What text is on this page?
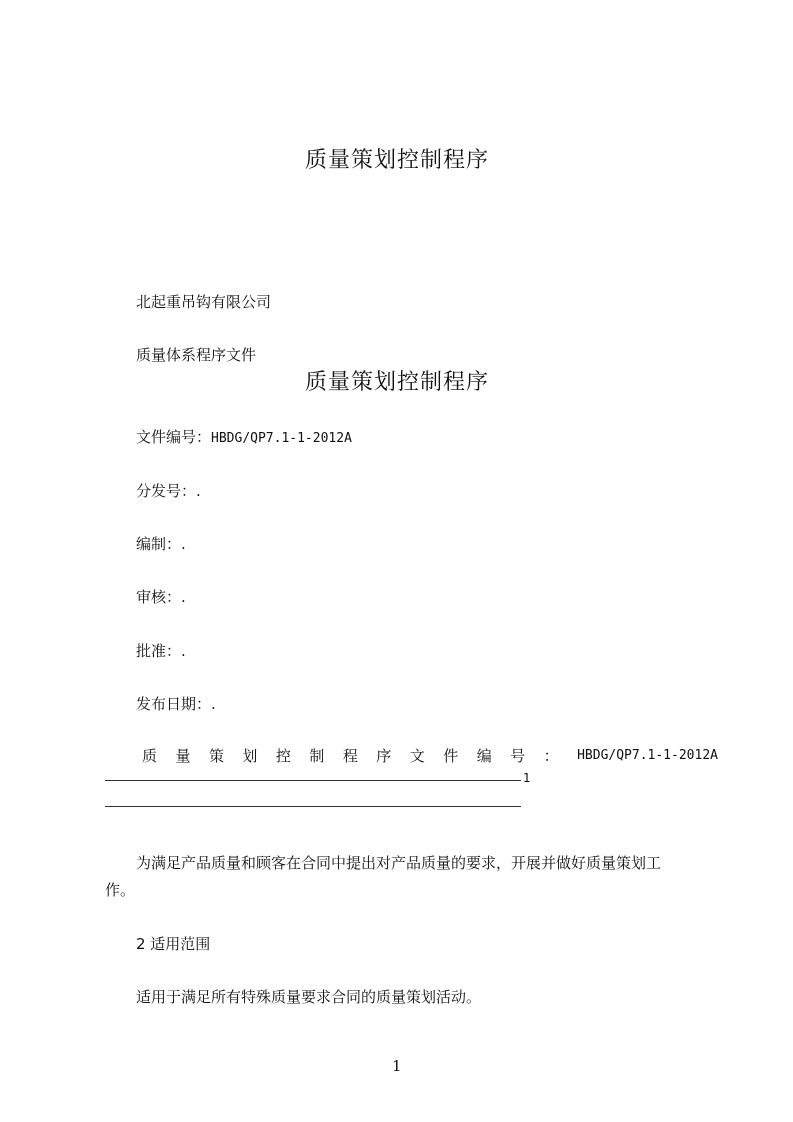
质量策划控制程序
北起重吊钩有限公司
质量体系程序文件
质量策划控制程序
文件编号：HBDG/QP7.1-1-2012A
分发号：.
编制：.
审核：.
批准：.
发布日期：.
质 量 策 划 控 制 程 序 文 件 编 号 ： HBDG/QP7.1-1-2012A
1
为满足产品质量和顾客在合同中提出对产品质量的要求，开展并做好质量策划工
作。
2 适用范围
适用于满足所有特殊质量要求合同的质量策划活动。
1
